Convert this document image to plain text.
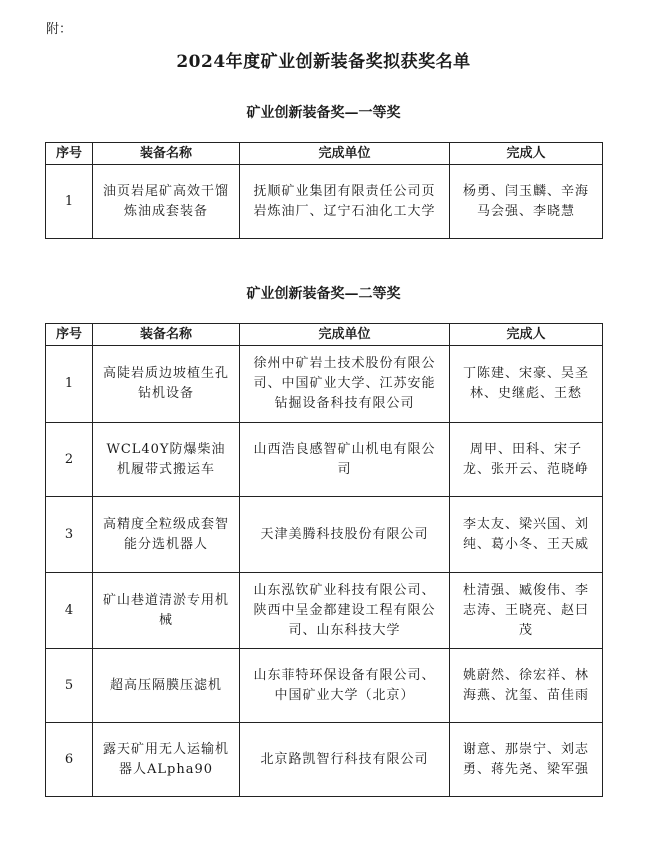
附：
2024年度矿业创新装备奖拟获奖名单
矿业创新装备奖—一等奖
序号	装备名称	完成单位	完成人
1	油页岩尾矿高效干馏炼油成套装备	抚顺矿业集团有限责任公司页岩炼油厂、辽宁石油化工大学	杨勇、闫玉麟、辛海马会强、李晓慧
矿业创新装备奖—二等奖
序号	装备名称	完成单位	完成人
1	高陡岩质边坡植生孔钻机设备	徐州中矿岩土技术股份有限公司、中国矿业大学、江苏安能钻掘设备科技有限公司	丁陈建、宋豪、吴圣林、史继彪、王愁
2	WCL40Y防爆柴油机履带式搬运车	山西浩良感智矿山机电有限公司	周甲、田科、宋子龙、张开云、范晓峥
3	高精度全粒级成套智能分选机器人	天津美腾科技股份有限公司	李太友、梁兴国、刘纯、葛小冬、王天威
4	矿山巷道清淤专用机械	山东泓钦矿业科技有限公司、陕西中呈金都建设工程有限公司、山东科技大学	杜清强、臧俊伟、李志涛、王晓亮、赵曰茂
5	超高压隔膜压滤机	山东菲特环保设备有限公司、中国矿业大学（北京）	姚蔚然、徐宏祥、林海燕、沈玺、苗佳雨
6	露天矿用无人运输机器人ALpha90	北京路凯智行科技有限公司	谢意、那崇宁、刘志勇、蒋先尧、梁军强
